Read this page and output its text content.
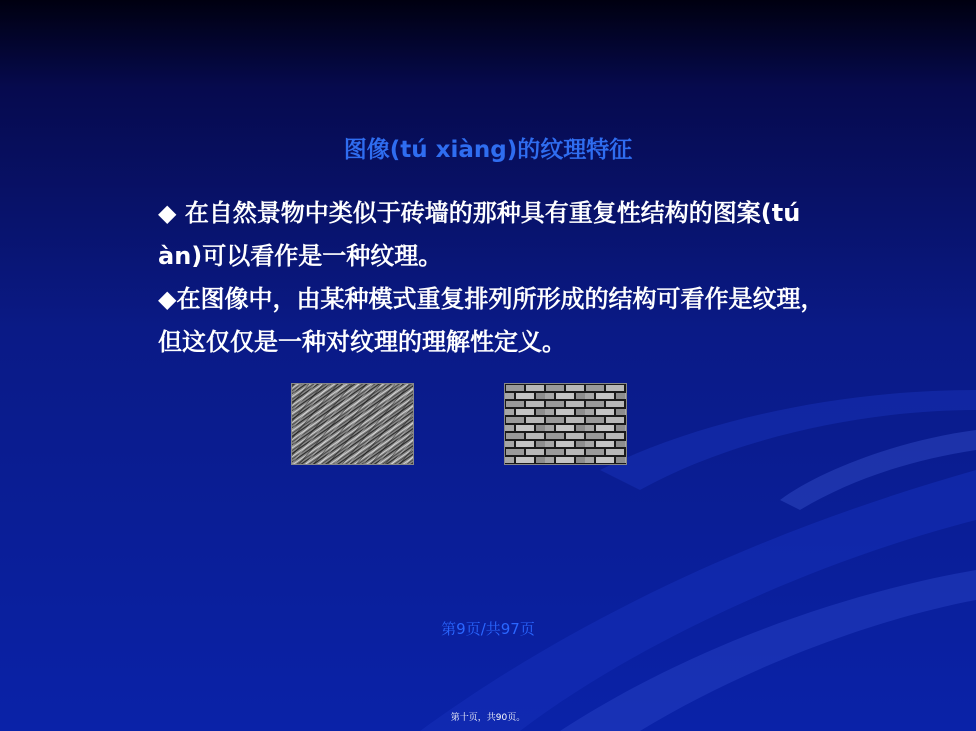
图像(tú xiàng)的纹理特征
◆ 在自然景物中类似于砖墙的那种具有重复性结构的图案(tú àn)可以看作是一种纹理。
◆在图像中，由某种模式重复排列所形成的结构可看作是纹理，但这仅仅是一种对纹理的理解性定义。
第9页/共97页
第十页，共90页。
